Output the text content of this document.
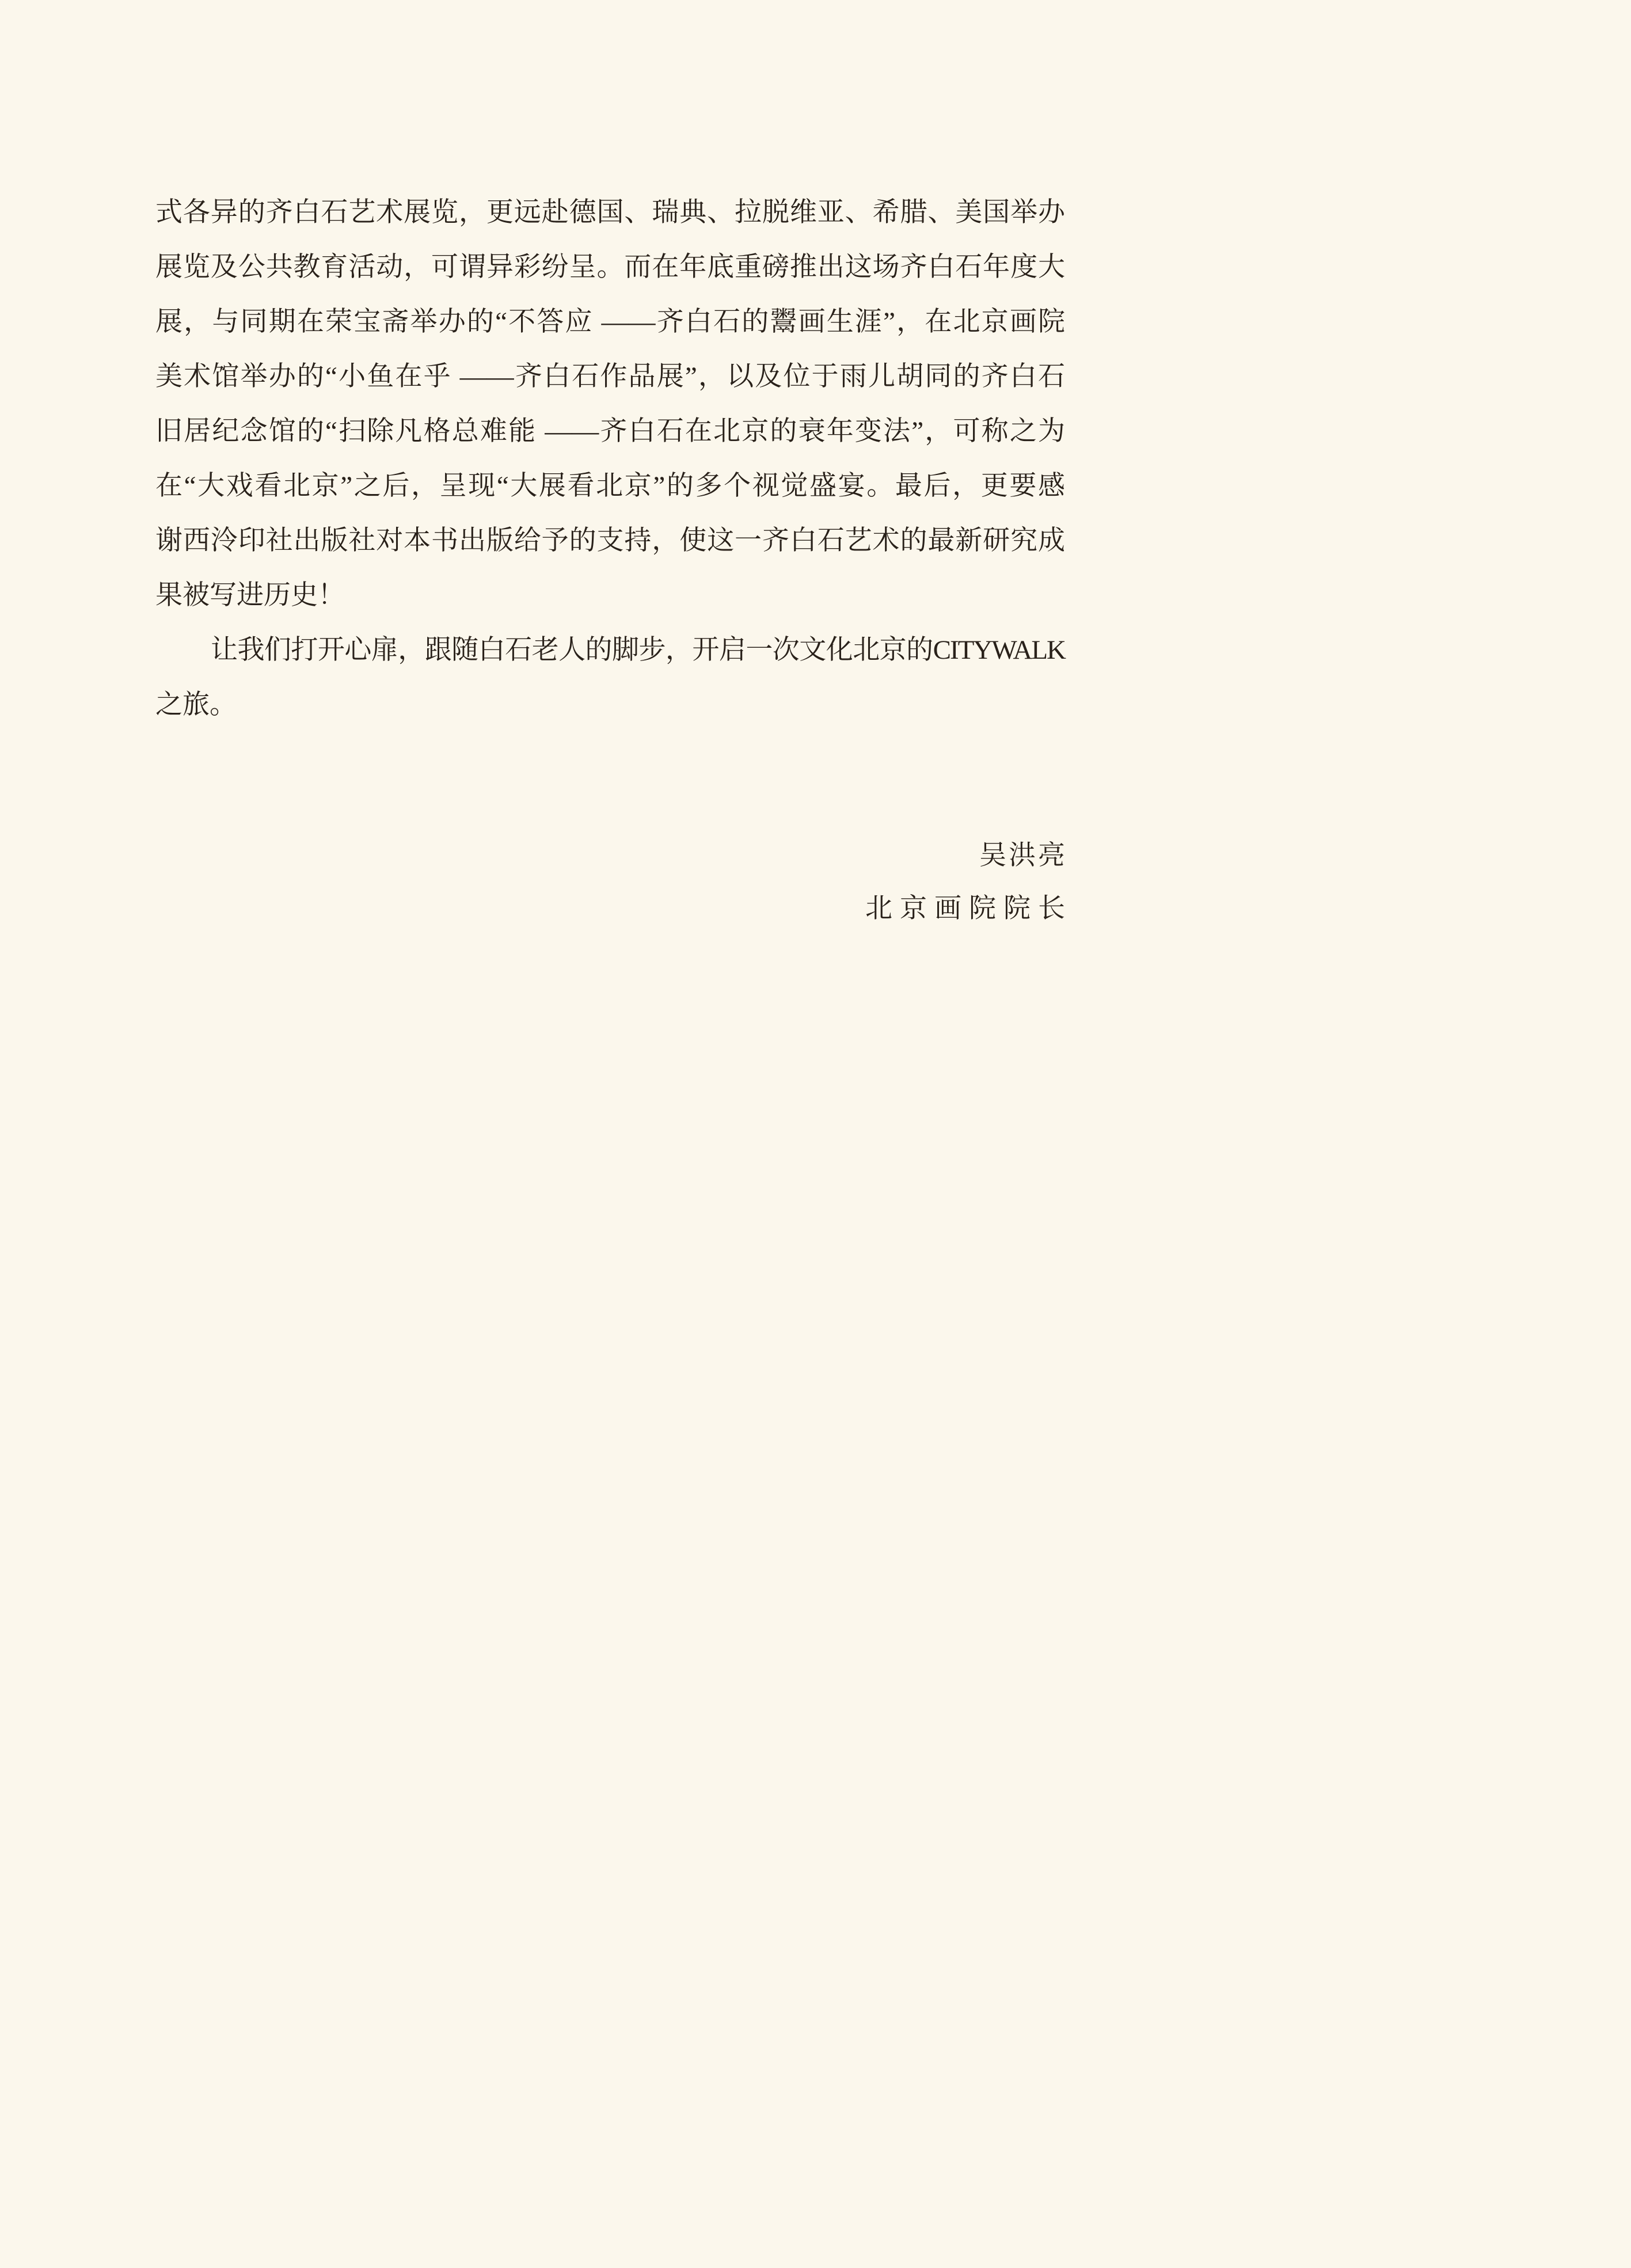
式各异的齐白石艺术展览，更远赴德国、瑞典、拉脱维亚、希腊、美国举办

展览及公共教育活动，可谓异彩纷呈。而在年底重磅推出这场齐白石年度大

展，与同期在荣宝斋举办的“不答应 ——齐白石的鬻画生涯”，在北京画院

美术馆举办的“小鱼在乎 ——齐白石作品展”，以及位于雨儿胡同的齐白石

旧居纪念馆的“扫除凡格总难能 ——齐白石在北京的衰年变法”，可称之为

在“大戏看北京”之后，呈现“大展看北京”的多个视觉盛宴。最后，更要感

谢西泠印社出版社对本书出版给予的支持，使这一齐白石艺术的最新研究成

果被写进历史！

让我们打开心扉，跟随白石老人的脚步，开启一次文化北京的CITYWALK

之旅。

吴洪亮

北京画院院长
